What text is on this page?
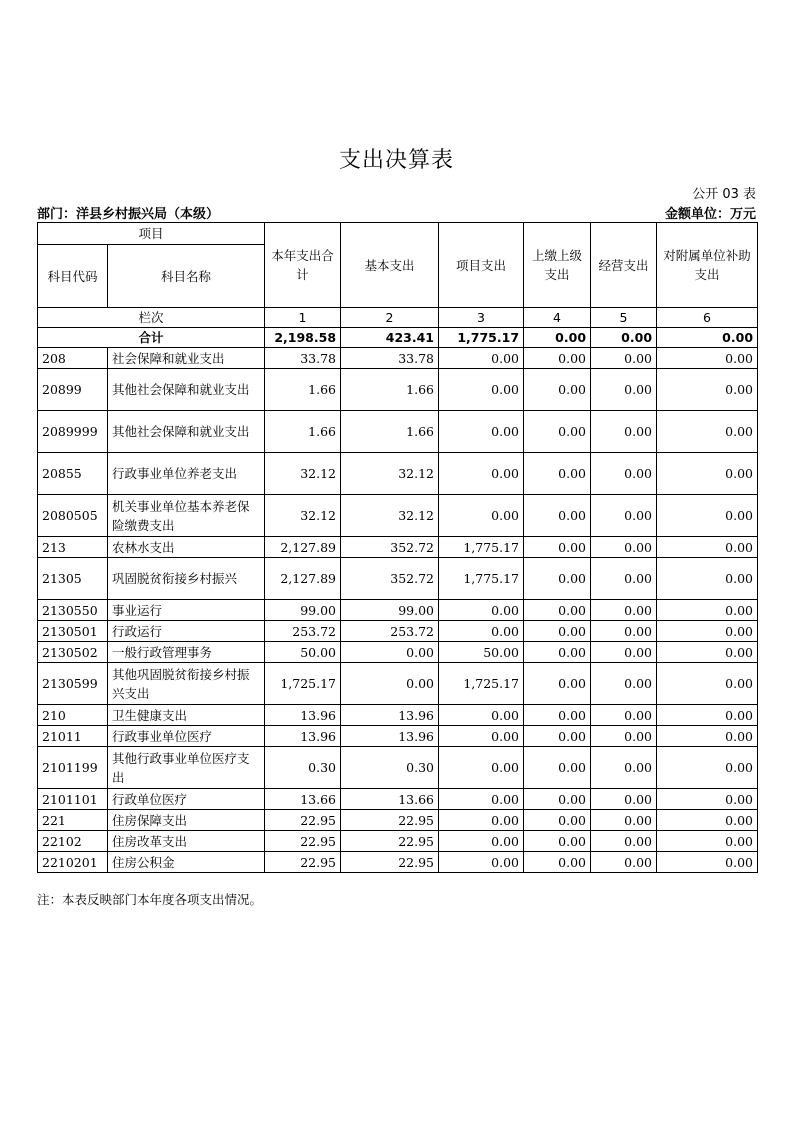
支出决算表
公开 03 表
部门：洋县乡村振兴局（本级）	金额单位：万元
项目		本年支出合计	基本支出	项目支出	上缴上级支出	经营支出	对附属单位补助支出
科目代码	科目名称						
栏次		1	2	3	4	5	6
合计		2,198.58	423.41	1,775.17	0.00	0.00	0.00
208	社会保障和就业支出	33.78	33.78	0.00	0.00	0.00	0.00
20899	其他社会保障和就业支出	1.66	1.66	0.00	0.00	0.00	0.00
2089999	其他社会保障和就业支出	1.66	1.66	0.00	0.00	0.00	0.00
20855	行政事业单位养老支出	32.12	32.12	0.00	0.00	0.00	0.00
2080505	机关事业单位基本养老保险缴费支出	32.12	32.12	0.00	0.00	0.00	0.00
213	农林水支出	2,127.89	352.72	1,775.17	0.00	0.00	0.00
21305	巩固脱贫衔接乡村振兴	2,127.89	352.72	1,775.17	0.00	0.00	0.00
2130550	事业运行	99.00	99.00	0.00	0.00	0.00	0.00
2130501	行政运行	253.72	253.72	0.00	0.00	0.00	0.00
2130502	一般行政管理事务	50.00	0.00	50.00	0.00	0.00	0.00
2130599	其他巩固脱贫衔接乡村振兴支出	1,725.17	0.00	1,725.17	0.00	0.00	0.00
210	卫生健康支出	13.96	13.96	0.00	0.00	0.00	0.00
21011	行政事业单位医疗	13.96	13.96	0.00	0.00	0.00	0.00
2101199	其他行政事业单位医疗支出	0.30	0.30	0.00	0.00	0.00	0.00
2101101	行政单位医疗	13.66	13.66	0.00	0.00	0.00	0.00
221	住房保障支出	22.95	22.95	0.00	0.00	0.00	0.00
22102	住房改革支出	22.95	22.95	0.00	0.00	0.00	0.00
2210201	住房公积金	22.95	22.95	0.00	0.00	0.00	0.00
注：本表反映部门本年度各项支出情况。
